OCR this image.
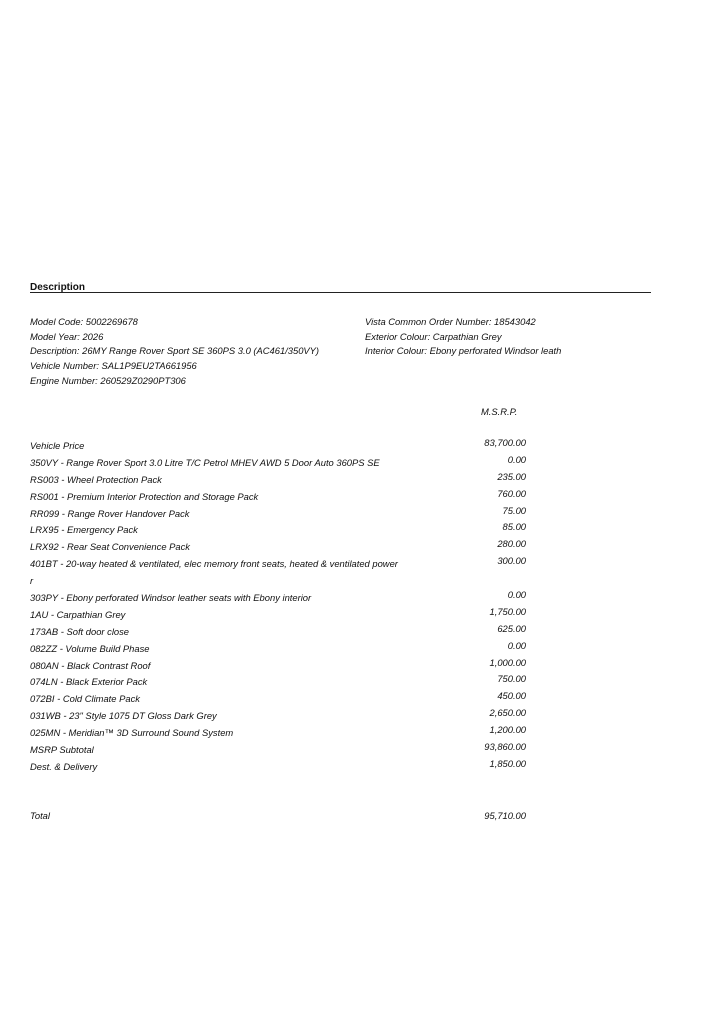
Description
Model Code: 5002269678
Model Year: 2026
Description: 26MY Range Rover Sport SE 360PS 3.0 (AC461/350VY)
Vehicle Number: SAL1P9EU2TA661956
Engine Number: 260529Z0290PT306
Vista Common Order Number: 18543042
Exterior Colour: Carpathian Grey
Interior Colour: Ebony perforated Windsor leath
M.S.R.P.
Vehicle Price	83,700.00
350VY - Range Rover Sport 3.0 Litre T/C Petrol MHEV AWD 5 Door Auto 360PS SE	0.00
RS003 - Wheel Protection Pack	235.00
RS001 - Premium Interior Protection and Storage Pack	760.00
RR099 - Range Rover Handover Pack	75.00
LRX95 - Emergency Pack	85.00
LRX92 - Rear Seat Convenience Pack	280.00
401BT - 20-way heated & ventilated, elec memory front seats, heated & ventilated power r
300.00
303PY - Ebony perforated Windsor leather seats with Ebony interior	0.00
1AU - Carpathian Grey	1,750.00
173AB - Soft door close	625.00
082ZZ - Volume Build Phase	0.00
080AN - Black Contrast Roof	1,000.00
074LN - Black Exterior Pack	750.00
072BI - Cold Climate Pack	450.00
031WB - 23" Style 1075 DT Gloss Dark Grey	2,650.00
025MN - Meridian™ 3D Surround Sound System	1,200.00
MSRP Subtotal	93,860.00
Dest. & Delivery	1,850.00
Total	95,710.00
